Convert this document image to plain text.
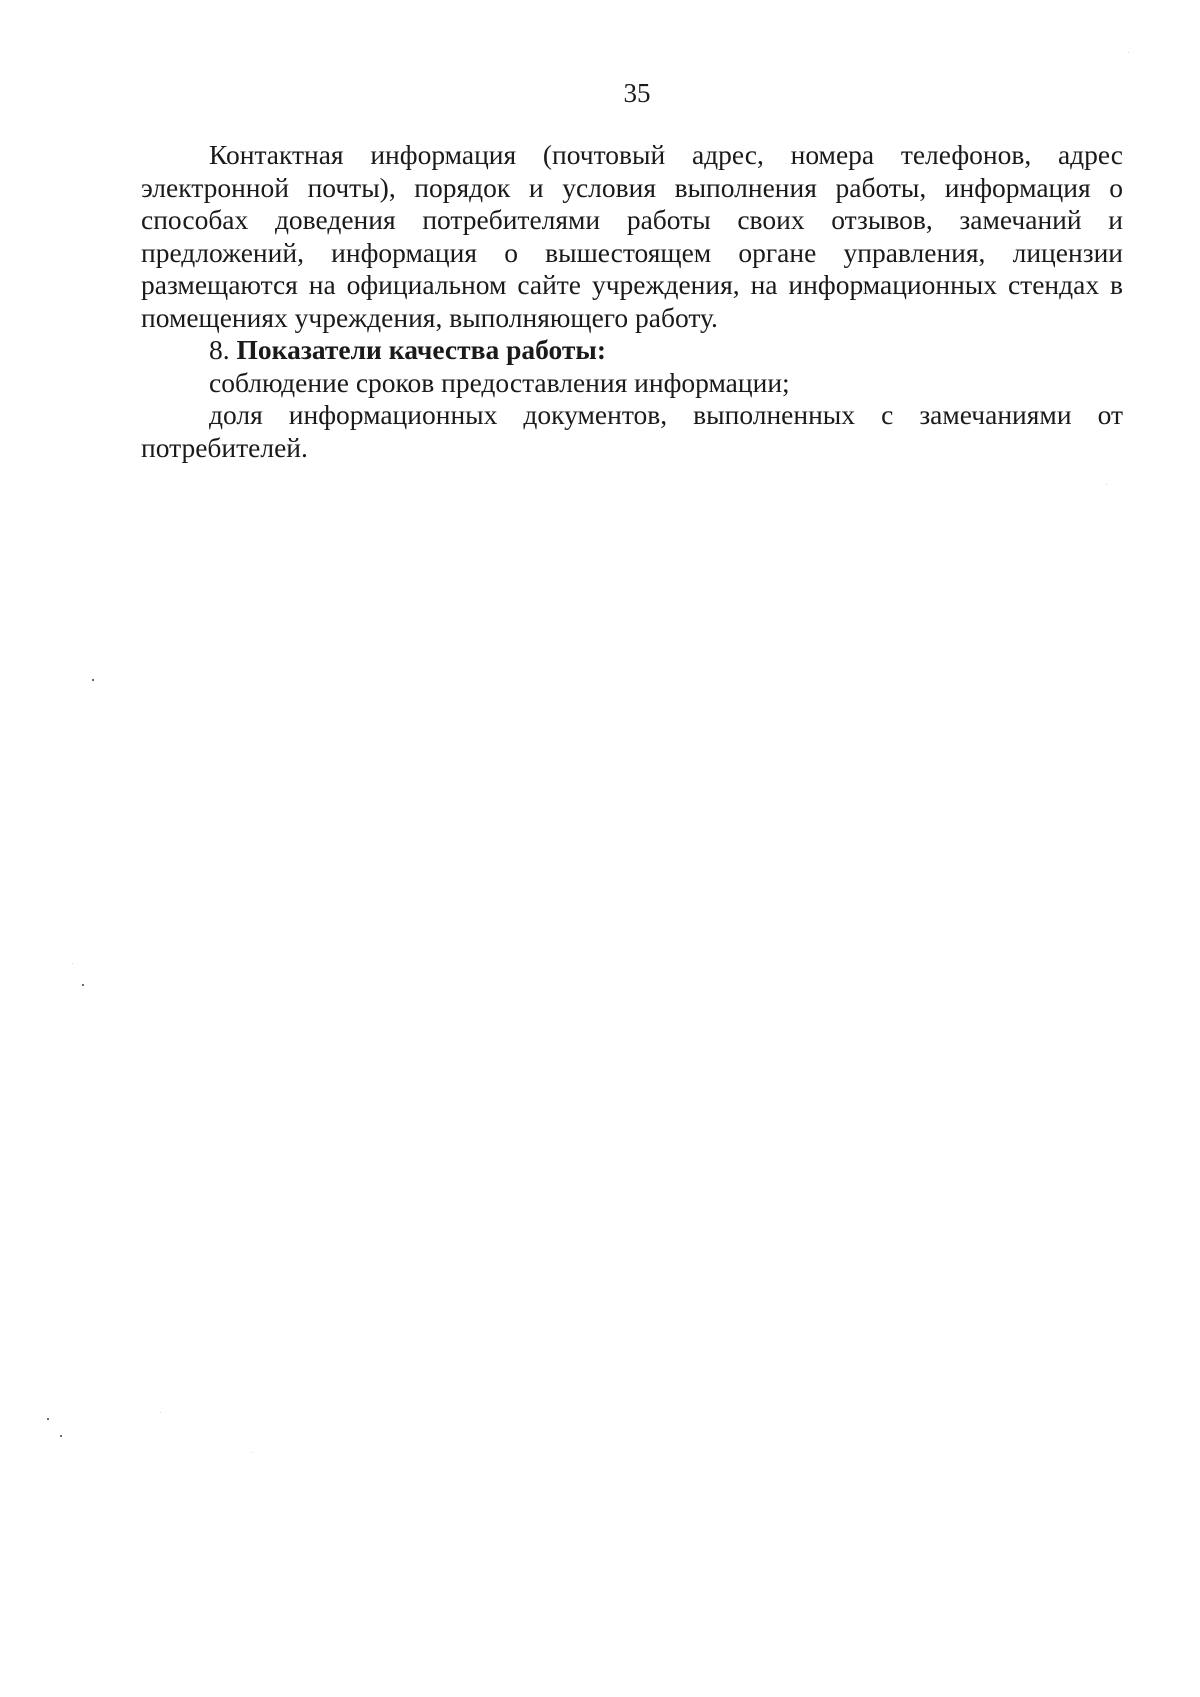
35

Контактная информация (почтовый адрес, номера телефонов, адрес электронной почты), порядок и условия выполнения работы, информация о способах доведения потребителями работы своих отзывов, замечаний и предложений, информация о вышестоящем органе управления, лицензии размещаются на официальном сайте учреждения, на информационных стендах в помещениях учреждения, выполняющего работу.

8. Показатели качества работы:

соблюдение сроков предоставления информации;

доля информационных документов, выполненных с замечаниями от потребителей.
